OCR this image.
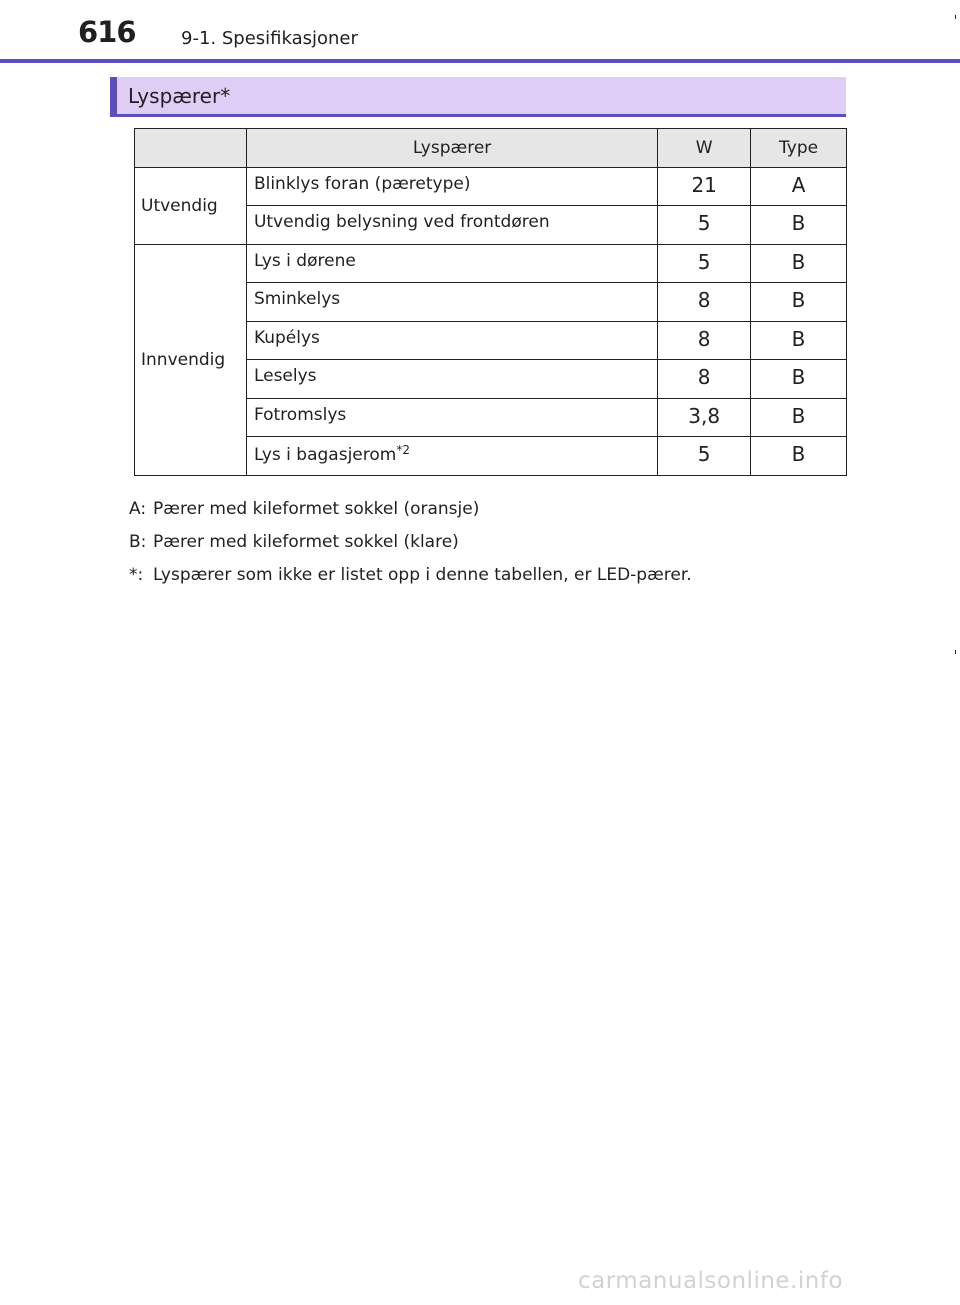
616	9-1. Spesifikasjoner
Lyspærer*
	Lyspærer	W	Type
Utvendig	Blinklys foran (pæretype)	21	A
	Utvendig belysning ved frontdøren	5	B
Innvendig	Lys i dørene	5	B
	Sminkelys	8	B
	Kupélys	8	B
	Leselys	8	B
	Fotromslys	3,8	B
	Lys i bagasjerom$^{*2}$	5	B
A: Pærer med kileformet sokkel (oransje)
B: Pærer med kileformet sokkel (klare)
*: Lyspærer som ikke er listet opp i denne tabellen, er LED-pærer.
carmanualsonline.info
